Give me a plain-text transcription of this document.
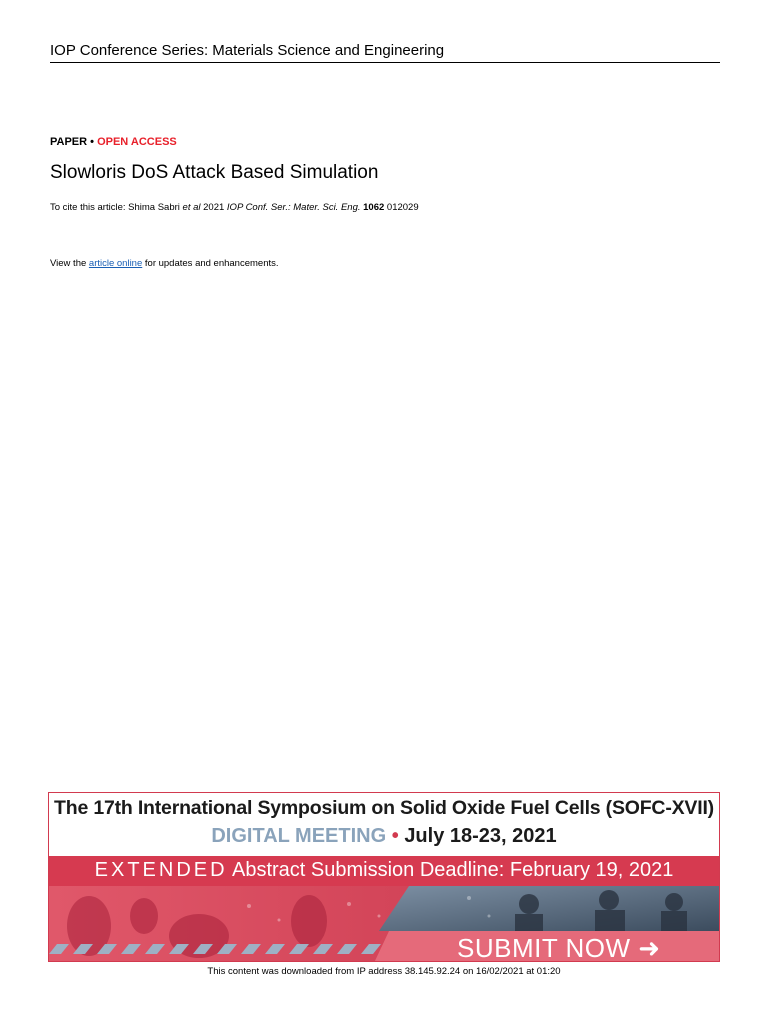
IOP Conference Series: Materials Science and Engineering
PAPER • OPEN ACCESS
Slowloris DoS Attack Based Simulation
To cite this article: Shima Sabri et al 2021 IOP Conf. Ser.: Mater. Sci. Eng. 1062 012029
View the article online for updates and enhancements.
The 17th International Symposium on Solid Oxide Fuel Cells (SOFC-XVII)
DIGITAL MEETING • July 18-23, 2021
EXTENDED Abstract Submission Deadline: February 19, 2021
SUBMIT NOW ➜
This content was downloaded from IP address 38.145.92.24 on 16/02/2021 at 01:20
